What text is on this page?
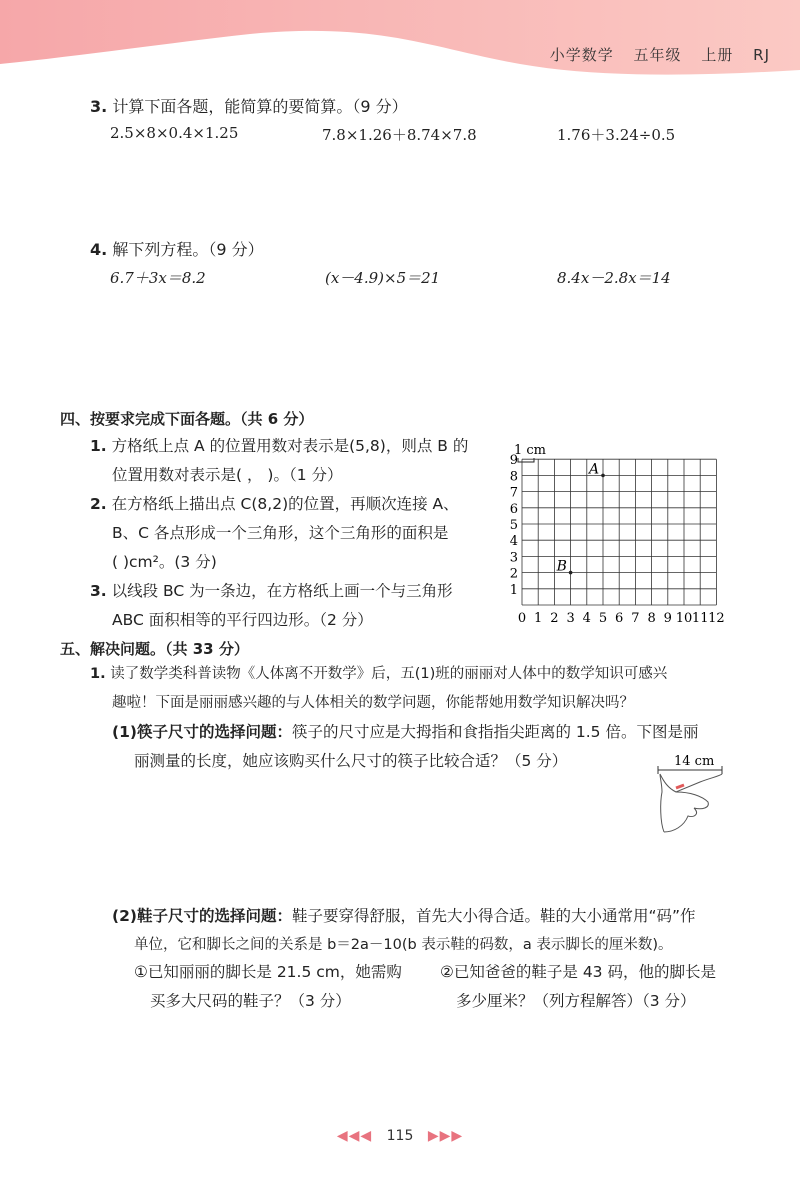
小学数学 五年级 上册 RJ
3. 计算下面各题，能简算的要简算。（9 分）
2.5×8×0.4×1.25	7.8×1.26＋8.74×7.8	1.76＋3.24÷0.5
4. 解下列方程。（9 分）
6.7＋3x＝8.2	(x－4.9)×5＝21	8.4x－2.8x＝14
四、按要求完成下面各题。（共 6 分）
1. 方格纸上点 A 的位置用数对表示是(5,8)，则点 B 的
位置用数对表示是( ， )。（1 分）
2. 在方格纸上描出点 C(8,2)的位置，再顺次连接 A、
B、C 各点形成一个三角形，这个三角形的面积是
( )cm²。(3 分)
3. 以线段 BC 为一条边，在方格纸上画一个与三角形
ABC 面积相等的平行四边形。（2 分）
1 cm
0 1 2 3 4 5 6 7 8 9 10 11 12
1
2
3
4
5
6
7
8
9
A
B
五、解决问题。（共 33 分）
1. 读了数学类科普读物《人体离不开数学》后，五(1)班的丽丽对人体中的数学知识可感兴
趣啦！下面是丽丽感兴趣的与人体相关的数学问题，你能帮她用数学知识解决吗？
(1)筷子尺寸的选择问题：筷子的尺寸应是大拇指和食指指尖距离的 1.5 倍。下图是丽
丽测量的长度，她应该购买什么尺寸的筷子比较合适？（5 分）	14 cm
(2)鞋子尺寸的选择问题：鞋子要穿得舒服，首先大小得合适。鞋的大小通常用“码”作
单位，它和脚长之间的关系是 b＝2a－10(b 表示鞋的码数，a 表示脚长的厘米数)。
①已知丽丽的脚长是 21.5 cm，她需购
买多大尺码的鞋子？（3 分）
②已知爸爸的鞋子是 43 码，他的脚长是
多少厘米？（列方程解答）（3 分）
◀◀◀ 115 ▶▶▶
